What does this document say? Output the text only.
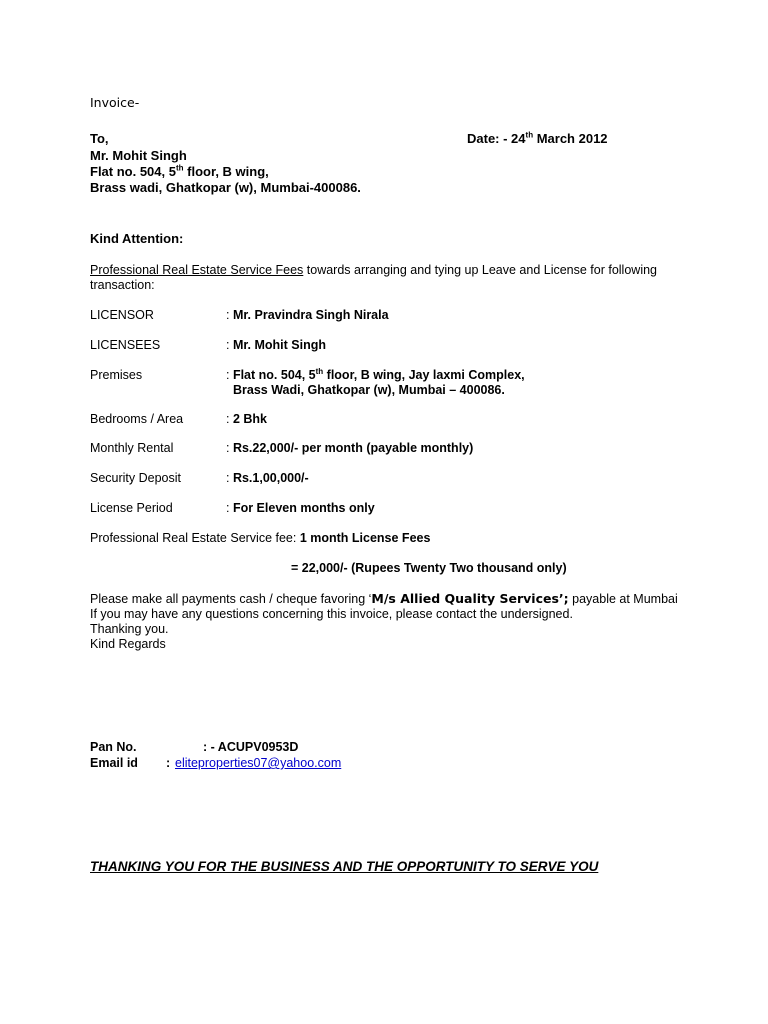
Invoice-
To,	Date: - 24th March 2012
Mr. Mohit Singh
Flat no. 504, 5th floor, B wing,
Brass wadi, Ghatkopar (w), Mumbai-400086.
Kind Attention:
Professional Real Estate Service Fees towards arranging and tying up Leave and License for following
transaction:
LICENSOR	: Mr. Pravindra Singh Nirala
LICENSEES	: Mr. Mohit Singh
Premises	: Flat no. 504, 5th floor, B wing, Jay laxmi Complex,
Brass Wadi, Ghatkopar (w), Mumbai – 400086.
Bedrooms / Area	: 2 Bhk
Monthly Rental	: Rs.22,000/- per month (payable monthly)
Security Deposit	: Rs.1,00,000/-
License Period	: For Eleven months only
Professional Real Estate Service fee: 1 month License Fees
= 22,000/- (Rupees Twenty Two thousand only)
Please make all payments cash / cheque favoring ‘M/s Allied Quality Services’; payable at Mumbai
If you may have any questions concerning this invoice, please contact the undersigned.
Thanking you.
Kind Regards
Pan No.	: - ACUPV0953D
Email id : eliteproperties07@yahoo.com
THANKING YOU FOR THE BUSINESS AND THE OPPORTUNITY TO SERVE YOU
